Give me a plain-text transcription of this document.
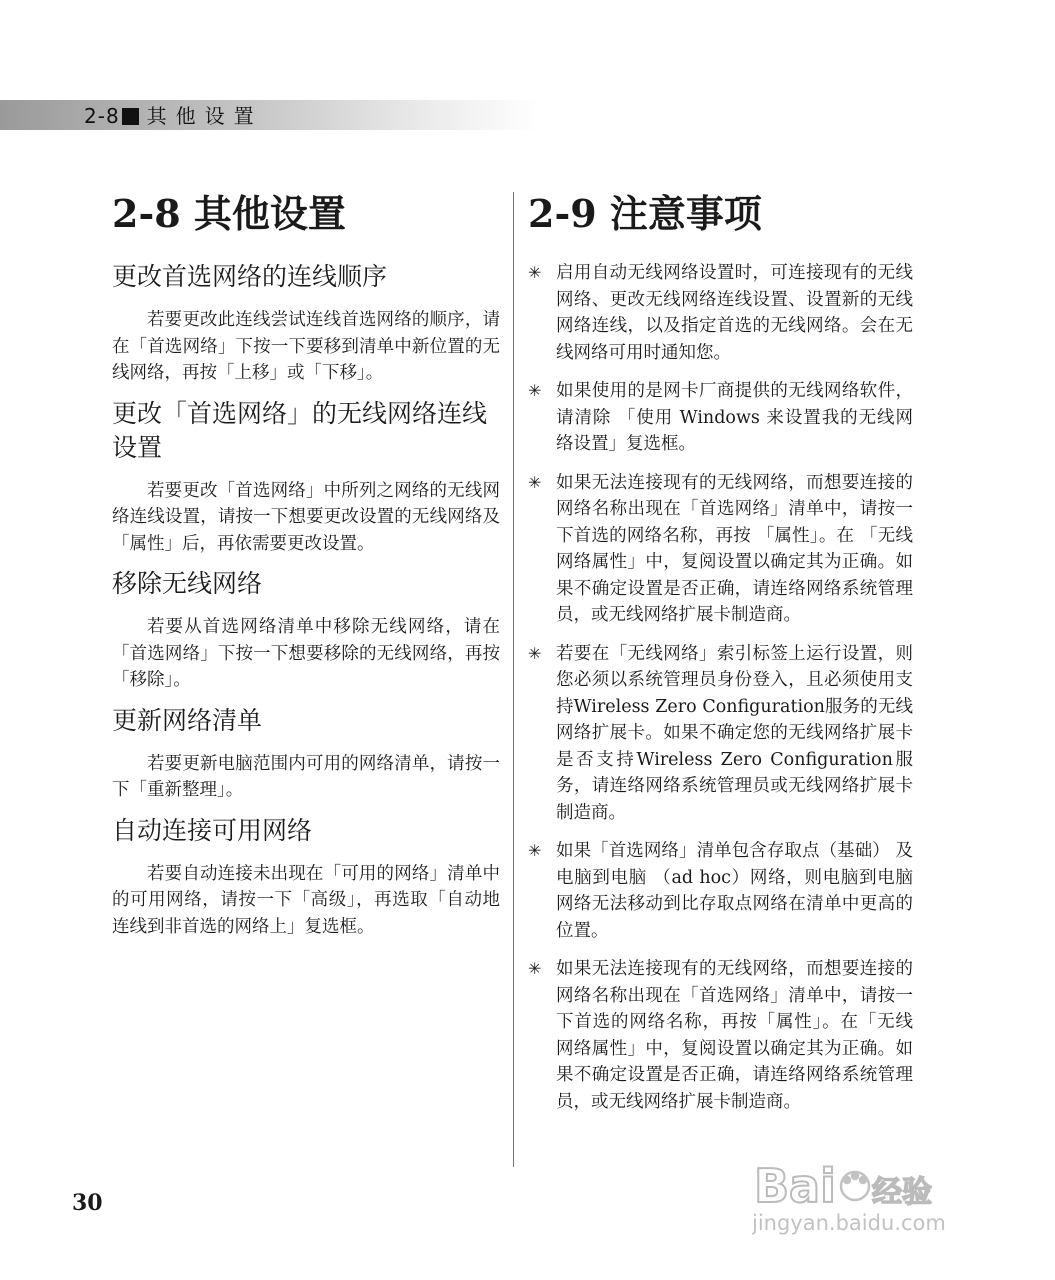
2-8 其他设置
2-8 其他设置
更改首选网络的连线顺序

若要更改此连线尝试连线首选网络的顺序，请在「首选网络」下按一下要移到清单中新位置的无线网络，再按「上移」或「下移」。

更改「首选网络」的无线网络连线设置

若要更改「首选网络」中所列之网络的无线网络连线设置，请按一下想要更改设置的无线网络及「属性」后，再依需要更改设置。

移除无线网络

若要从首选网络清单中移除无线网络，请在「首选网络」下按一下想要移除的无线网络，再按「移除」。

更新网络清单

若要更新电脑范围内可用的网络清单，请按一下「重新整理」。

自动连接可用网络

若要自动连接未出现在「可用的网络」清单中的可用网络，请按一下「高级」，再选取「自动地连线到非首选的网络上」复选框。

2-9 注意事项
✳ 启用自动无线网络设置时，可连接现有的无线网络、更改无线网络连线设置、设置新的无线网络连线，以及指定首选的无线网络。会在无线网络可用时通知您。
✳ 如果使用的是网卡厂商提供的无线网络软件，请清除 「使用 Windows 来设置我的无线网络设置」复选框。
✳ 如果无法连接现有的无线网络，而想要连接的网络名称出现在「首选网络」清单中，请按一下首选的网络名称，再按 「属性」。在 「无线网络属性」中，复阅设置以确定其为正确。如果不确定设置是否正确，请连络网络系统管理员，或无线网络扩展卡制造商。
✳ 若要在「无线网络」索引标签上运行设置，则您必须以系统管理员身份登入，且必须使用支持Wireless Zero Configuration服务的无线网络扩展卡。如果不确定您的无线网络扩展卡是否支持Wireless Zero Configuration服务，请连络网络系统管理员或无线网络扩展卡制造商。
✳ 如果「首选网络」清单包含存取点（基础） 及电脑到电脑 （ad hoc）网络，则电脑到电脑网络无法移动到比存取点网络在清单中更高的位置。
✳ 如果无法连接现有的无线网络，而想要连接的网络名称出现在「首选网络」清单中，请按一下首选的网络名称，再按「属性」。在「无线网络属性」中，复阅设置以确定其为正确。如果不确定设置是否正确，请连络网络系统管理员，或无线网络扩展卡制造商。
30	Bai 经验
jingyan.baidu.com
